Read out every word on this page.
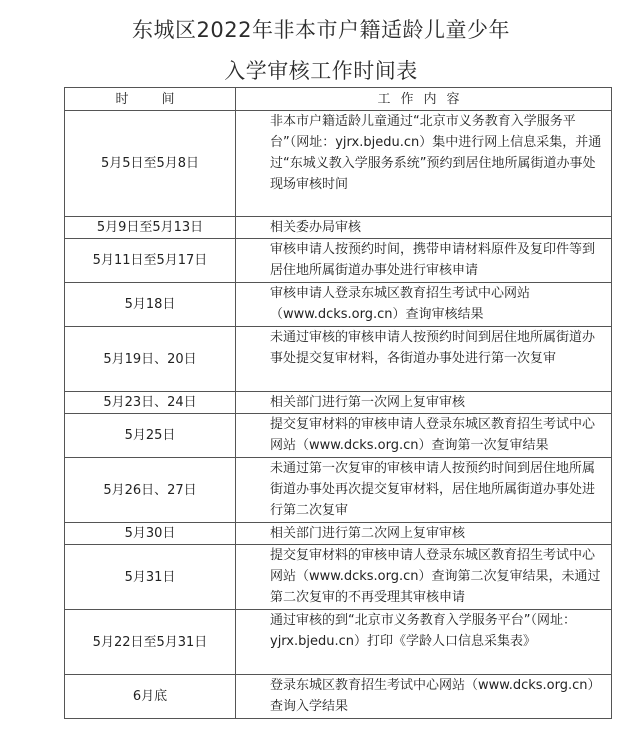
东城区2022年非本市户籍适龄儿童少年
入学审核工作时间表
时　间	工作内容
5月5日至5月8日	非本市户籍适龄儿童通过“北京市义务教育入学服务平台”（网址：yjrx.bjedu.cn）集中进行网上信息采集，并通过“东城义教入学服务系统”预约到居住地所属街道办事处现场审核时间

5月9日至5月13日	相关委办局审核

5月11日至5月17日	审核申请人按预约时间，携带申请材料原件及复印件等到居住地所属街道办事处进行审核申请

5月18日	审核申请人登录东城区教育招生考试中心网站（www.dcks.org.cn）查询审核结果

5月19日、20日	未通过审核的审核申请人按预约时间到居住地所属街道办事处提交复审材料，各街道办事处进行第一次复审

5月23日、24日	相关部门进行第一次网上复审审核

5月25日	提交复审材料的审核申请人登录东城区教育招生考试中心网站（www.dcks.org.cn）查询第一次复审结果

5月26日、27日	未通过第一次复审的审核申请人按预约时间到居住地所属街道办事处再次提交复审材料，居住地所属街道办事处进行第二次复审

5月30日	相关部门进行第二次网上复审审核

5月31日	提交复审材料的审核申请人登录东城区教育招生考试中心网站（www.dcks.org.cn）查询第二次复审结果，未通过第二次复审的不再受理其审核申请

5月22日至5月31日	通过审核的到“北京市义务教育入学服务平台”（网址：yjrx.bjedu.cn）打印《学龄人口信息采集表》

6月底	登录东城区教育招生考试中心网站（www.dcks.org.cn）查询入学结果
